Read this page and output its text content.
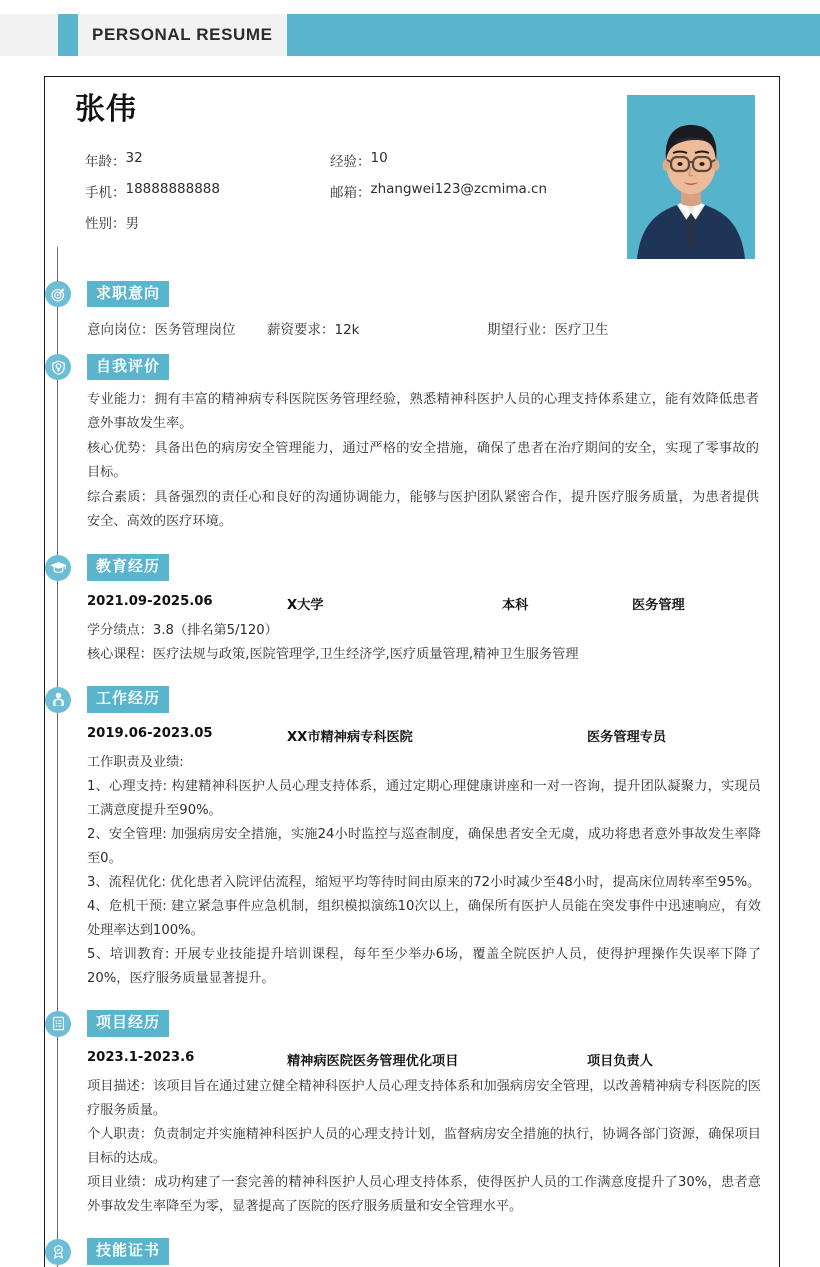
PERSONAL RESUME
张伟
年龄： 32	经验： 10
手机： 18888888888	邮箱： zhangwei123@zcmima.cn
性别： 男
求职意向
意向岗位：医务管理岗位	薪资要求：12k	期望行业：医疗卫生
自我评价
专业能力：拥有丰富的精神病专科医院医务管理经验，熟悉精神科医护人员的心理支持体系建立，能有效降低患者意外事故发生率。
核心优势：具备出色的病房安全管理能力，通过严格的安全措施，确保了患者在治疗期间的安全，实现了零事故的目标。
综合素质：具备强烈的责任心和良好的沟通协调能力，能够与医护团队紧密合作，提升医疗服务质量，为患者提供安全、高效的医疗环境。
教育经历
2021.09-2025.06	X大学	本科	医务管理
学分绩点：3.8（排名第5/120）
核心课程：医疗法规与政策,医院管理学,卫生经济学,医疗质量管理,精神卫生服务管理
工作经历
2019.06-2023.05	XX市精神病专科医院	医务管理专员
工作职责及业绩:
1、心理支持: 构建精神科医护人员心理支持体系，通过定期心理健康讲座和一对一咨询，提升团队凝聚力，实现员工满意度提升至90%。
2、安全管理: 加强病房安全措施，实施24小时监控与巡查制度，确保患者安全无虞，成功将患者意外事故发生率降至0。
3、流程优化: 优化患者入院评估流程，缩短平均等待时间由原来的72小时减少至48小时，提高床位周转率至95%。
4、危机干预: 建立紧急事件应急机制，组织模拟演练10次以上，确保所有医护人员能在突发事件中迅速响应，有效处理率达到100%。
5、培训教育: 开展专业技能提升培训课程，每年至少举办6场，覆盖全院医护人员，使得护理操作失误率下降了20%，医疗服务质量显著提升。
项目经历
2023.1-2023.6	精神病医院医务管理优化项目	项目负责人
项目描述：该项目旨在通过建立健全精神科医护人员心理支持体系和加强病房安全管理，以改善精神病专科医院的医疗服务质量。
个人职责：负责制定并实施精神科医护人员的心理支持计划，监督病房安全措施的执行，协调各部门资源，确保项目目标的达成。
项目业绩：成功构建了一套完善的精神科医护人员心理支持体系，使得医护人员的工作满意度提升了30%，患者意外事故发生率降至为零，显著提高了医院的医疗服务质量和安全管理水平。
技能证书
